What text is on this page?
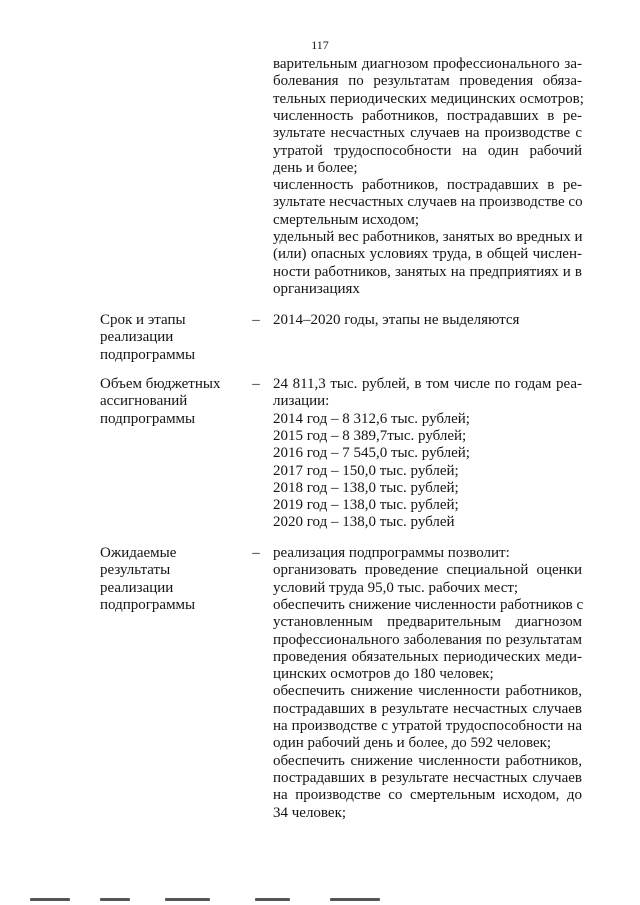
117
варительным диагнозом профессионального за-
болевания по результатам проведения обяза-
тельных периодических медицинских осмотров;
численность работников, пострадавших в ре-
зультате несчастных случаев на производстве с
утратой трудоспособности на один рабочий
день и более;
численность работников, пострадавших в ре-
зультате несчастных случаев на производстве со
смертельным исходом;
удельный вес работников, занятых во вредных и
(или) опасных условиях труда, в общей числен-
ности работников, занятых на предприятиях и в
организациях
Срок и этапы
реализации
подпрограммы
– 2014–2020 годы, этапы не выделяются
Объем бюджетных
ассигнований
подпрограммы
– 24 811,3 тыс. рублей, в том числе по годам реа-
лизации:
2014 год – 8 312,6 тыс. рублей;
2015 год – 8 389,7тыс. рублей;
2016 год – 7 545,0 тыс. рублей;
2017 год – 150,0 тыс. рублей;
2018 год – 138,0 тыс. рублей;
2019 год – 138,0 тыс. рублей;
2020 год – 138,0 тыс. рублей
Ожидаемые
результаты
реализации
подпрограммы
– реализация подпрограммы позволит:
организовать проведение специальной оценки
условий труда 95,0 тыс. рабочих мест;
обеспечить снижение численности работников с
установленным предварительным диагнозом
профессионального заболевания по результатам
проведения обязательных периодических меди-
цинских осмотров до 180 человек;
обеспечить снижение численности работников,
пострадавших в результате несчастных случаев
на производстве с утратой трудоспособности на
один рабочий день и более, до 592 человек;
обеспечить снижение численности работников,
пострадавших в результате несчастных случаев
на производстве со смертельным исходом, до
34 человек;
